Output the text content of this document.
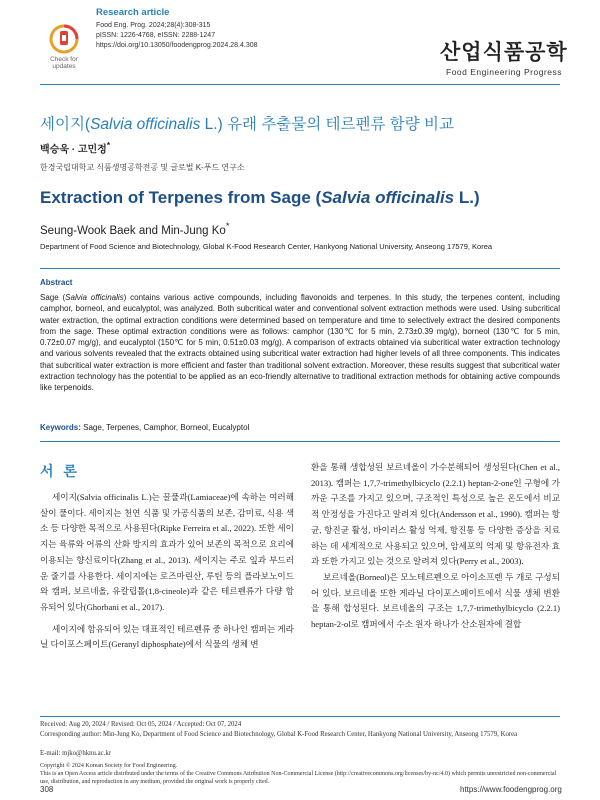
Check for updates
Research article
Food Eng. Prog. 2024;28(4):308-315
pISSN: 1226-4768, eISSN: 2288-1247
https://doi.org/10.13050/foodengprog.2024.28.4.308	산업식품공학
Food Engineering Progress
세이지(Salvia officinalis L.) 유래 추출물의 테르펜류 함량 비교
백승욱 · 고민정*
한경국립대학교 식품생명공학전공 및 글로벌 K-푸드 연구소
Extraction of Terpenes from Sage (Salvia officinalis L.)
Seung-Wook Baek and Min-Jung Ko*
Department of Food Science and Biotechnology, Global K-Food Research Center, Hankyong National University, Anseong 17579, Korea
Abstract
Sage (Salvia officinalis) contains various active compounds, including flavonoids and terpenes. In this study, the terpenes content, including camphor, borneol, and eucalyptol, was analyzed. Both subcritical water and conventional solvent extraction methods were used. Using subcritical water extraction, the optimal extraction conditions were determined based on temperature and time to selectively extract the desired components from the sage. These optimal extraction conditions were as follows: camphor (130℃ for 5 min, 2.73±0.39 mg/g), borneol (130℃ for 5 min, 0.72±0.07 mg/g), and eucalyptol (150℃ for 5 min, 0.51±0.03 mg/g). A comparison of extracts obtained via subcritical water extraction technology and various solvents revealed that the extracts obtained using subcritical water extraction had higher levels of all three components. This indicates that subcritical water extraction is more efficient and faster than traditional solvent extraction. Moreover, these results suggest that subcritical water extraction technology has the potential to be applied as an eco-friendly alternative to traditional extraction methods for obtaining active compounds like terpenoids.
Keywords: Sage, Terpenes, Camphor, Borneol, Eucalyptol
서 론

세이지(Salvia officinalis L.)는 꿀풀과(Lamiaceae)에 속하는 여러해살이 풀이다. 세이지는 천연 식품 및 가공식품의 보존, 감미료, 식용 색소 등 다양한 목적으로 사용된다(Ripke Ferreira et al., 2022). 또한 세이지는 육류와 어류의 산화 방지의 효과가 있어 보존의 목적으로 요리에 이용되는 향신료이다(Zhang et al., 2013). 세이지는 주로 잎과 부드러운 줄기를 사용한다. 세이지에는 로즈마린산, 루틴 등의 플라보노이드와 캠퍼, 보르네올, 유칼립톨(1,8-cineole)과 같은 테르펜류가 다량 함유되어 있다(Ghorbani et al., 2017).

세이지에 함유되어 있는 대표적인 테르펜류 중 하나인 캠퍼는 게라닐 다이포스페이트(Geranyl diphosphate)에서 식물의 생체 변

환을 통해 생합성된 보르네올이 가수분해되어 생성된다(Chen et al., 2013). 캠퍼는 1,7,7-trimethylbicyclo (2.2.1) heptan-2-one인 구형에 가까운 구조를 가지고 있으며, 구조적인 특성으로 높은 온도에서 비교적 안정성을 가진다고 알려져 있다(Andersson et al., 1990). 캠퍼는 항균, 항진균 활성, 바이러스 활성 억제, 항진통 등 다양한 증상을 치료하는 데 세계적으로 사용되고 있으며, 암세포의 억제 및 항유전자 효과 또한 가지고 있는 것으로 알려져 있다(Perry et al., 2003).

보르네올(Borneol)은 모노테르펜으로 아이소프렌 두 개로 구성되어 있다. 보르네올 또한 게라닐 다이포스페이트에서 식물 생체 변환을 통해 합성된다. 보르네올의 구조는 1,7,7-trimethylbicyclo (2.2.1) heptan-2-ol로 캠퍼에서 수소 원자 하나가 산소원자에 결합

Received: Aug 20, 2024 / Revised: Oct 05, 2024 / Accepted: Oct 07, 2024
Corresponding author: Min-Jung Ko, Department of Food Science and Biotechnology, Global K-Food Research Center, Hankyong National University, Anseong 17579, Korea
E-mail: mjko@hknu.ac.kr
Copyright © 2024 Korean Society for Food Engineering.
This is an Open Access article distributed under the terms of the Creative Commons Attribution Non-Commercial License (http://creativecommons.org/licenses/by-nc/4.0) which permits unrestricted non-commercial use, distribution, and reproduction in any medium, provided the original work is properly cited.
308	https://www.foodengprog.org
